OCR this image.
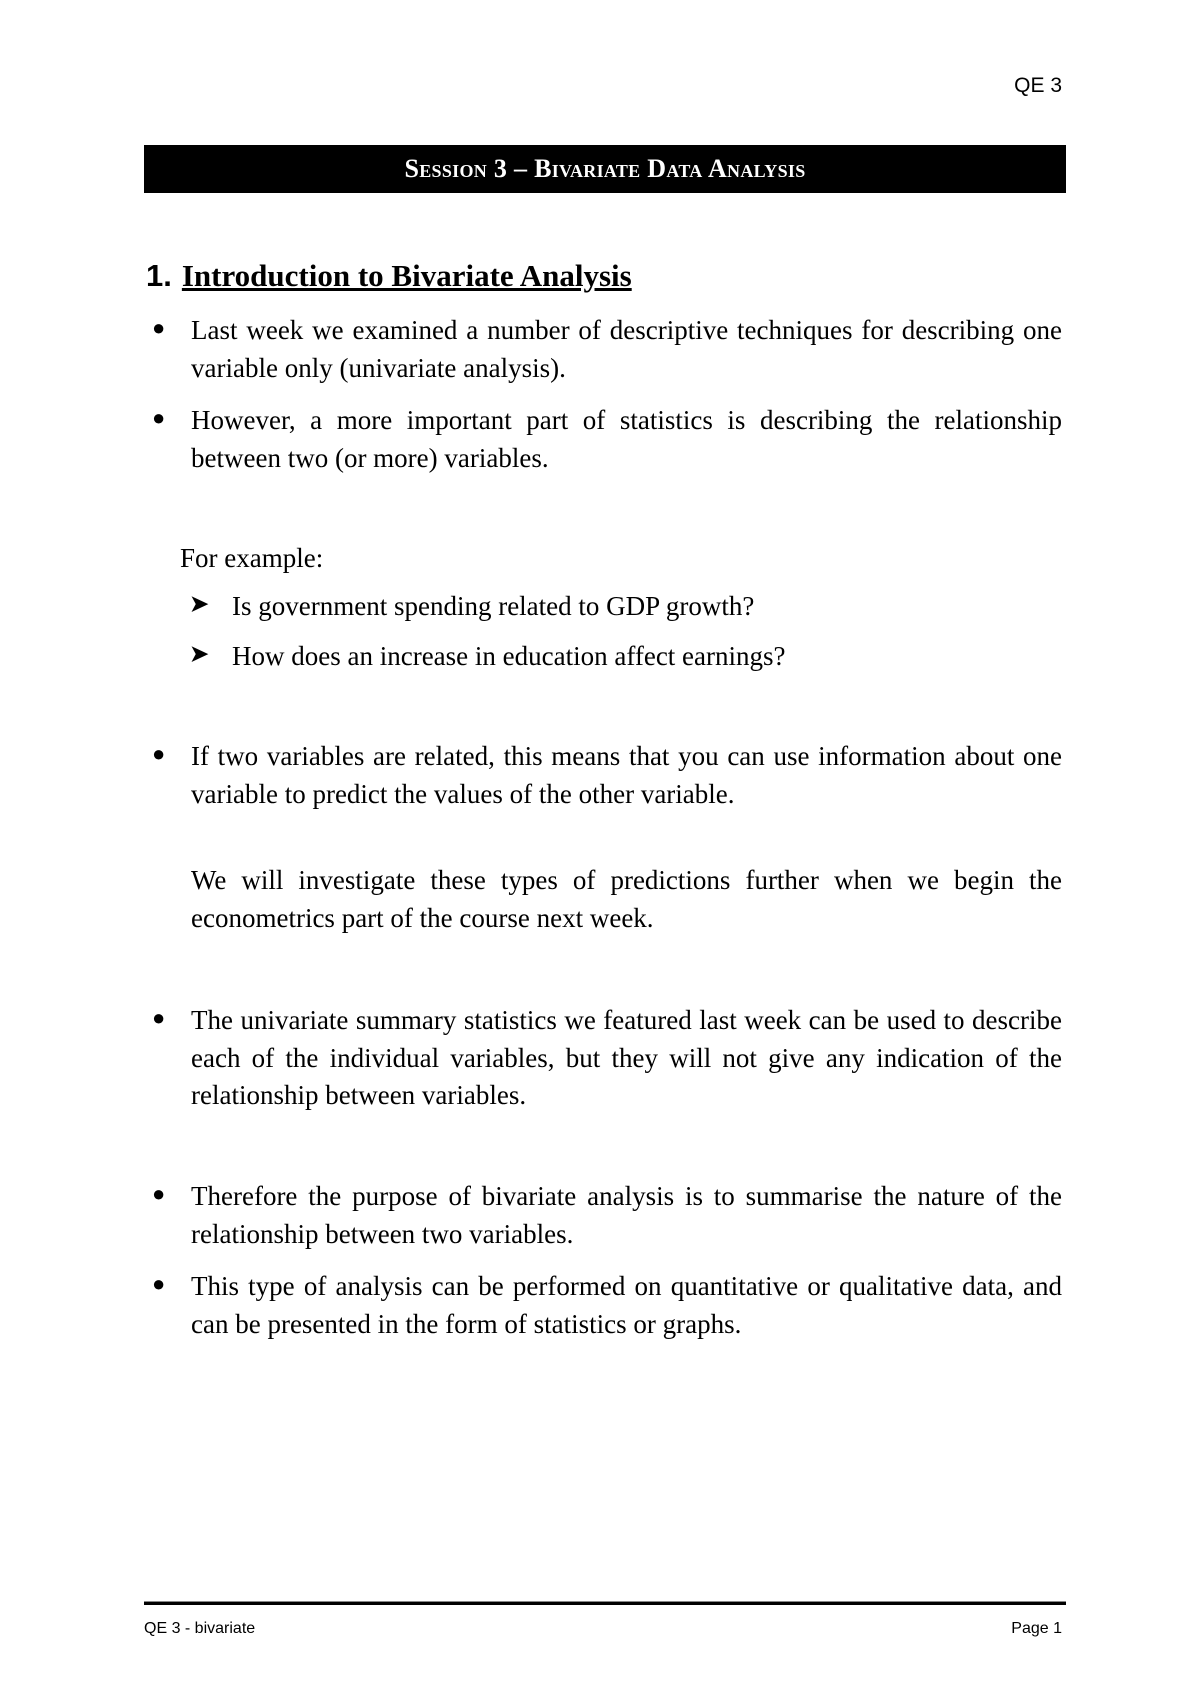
QE 3
Session 3 – Bivariate Data Analysis
1. Introduction to Bivariate Analysis
● Last week we examined a number of descriptive techniques for describing one variable only (univariate analysis).
● However, a more important part of statistics is describing the relationship between two (or more) variables.
For example:
➤ Is government spending related to GDP growth?
➤ How does an increase in education affect earnings?
● If two variables are related, this means that you can use information about one variable to predict the values of the other variable.
We will investigate these types of predictions further when we begin the econometrics part of the course next week.
● The univariate summary statistics we featured last week can be used to describe each of the individual variables, but they will not give any indication of the relationship between variables.
● Therefore the purpose of bivariate analysis is to summarise the nature of the relationship between two variables.
● This type of analysis can be performed on quantitative or qualitative data, and can be presented in the form of statistics or graphs.
QE 3 - bivariate	Page 1
